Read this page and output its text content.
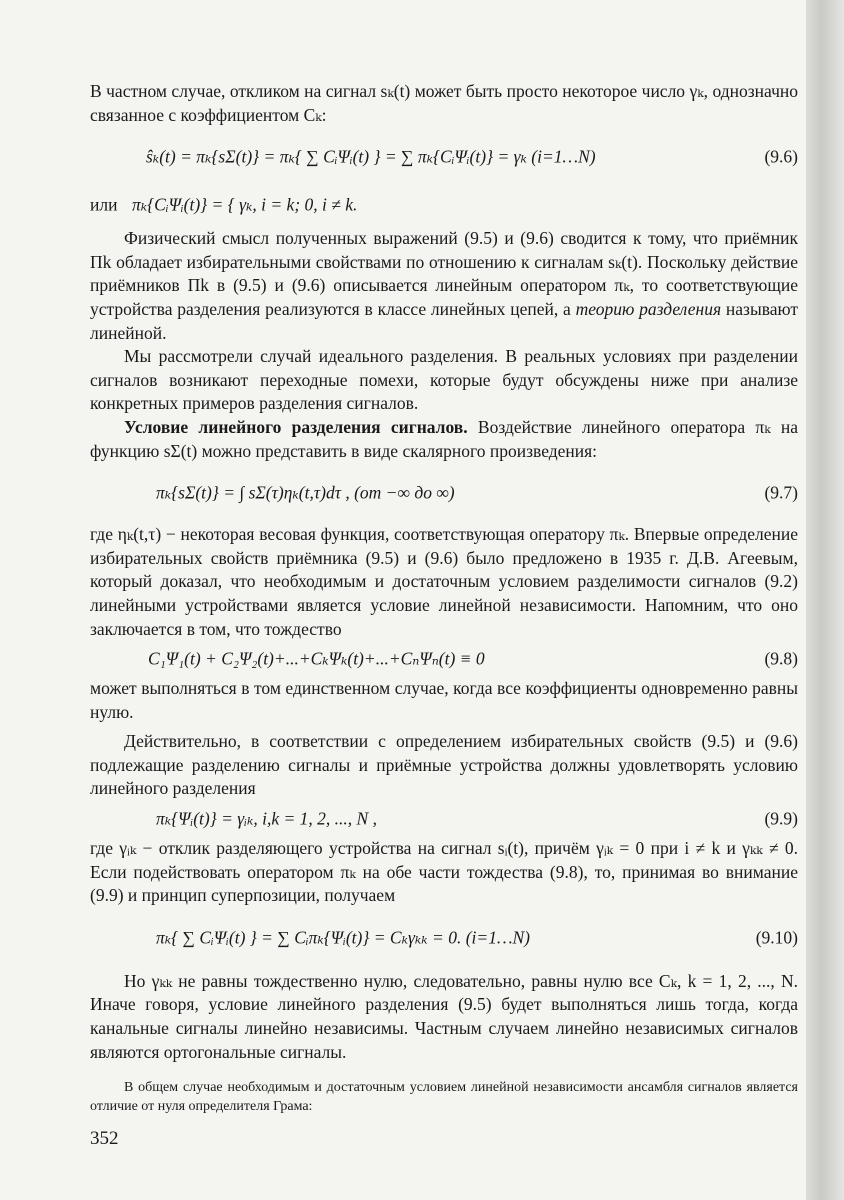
В частном случае, откликом на сигнал sₖ(t) может быть просто некоторое число γₖ, однозначно связанное с коэффициентом Cₖ:

ŝₖ(t) = πₖ{sΣ(t)} = πₖ{ ∑ CᵢΨᵢ(t) } = ∑ πₖ{CᵢΨᵢ(t)} = γₖ (i=1…N)	(9.6)
или πₖ{CᵢΨᵢ(t)} = { γₖ, i = k; 0, i ≠ k.

Физический смысл полученных выражений (9.5) и (9.6) сводится к тому, что приёмник Пk обладает избирательными свойствами по отношению к сигналам sₖ(t). Поскольку действие приёмников Пk в (9.5) и (9.6) описывается линейным оператором πₖ, то соответствующие устройства разделения реализуются в классе линейных цепей, а теорию разделения называют линейной.

Мы рассмотрели случай идеального разделения. В реальных условиях при разделении сигналов возникают переходные помехи, которые будут обсуждены ниже при анализе конкретных примеров разделения сигналов.

Условие линейного разделения сигналов. Воздействие линейного оператора πₖ на функцию sΣ(t) можно представить в виде скалярного произведения:

πₖ{sΣ(t)} = ∫ sΣ(τ)ηₖ(t,τ)dτ , (от −∞ до ∞)	(9.7)

где ηₖ(t,τ) − некоторая весовая функция, соответствующая оператору πₖ. Впервые определение избирательных свойств приёмника (9.5) и (9.6) было предложено в 1935 г. Д.В. Агеевым, который доказал, что необходимым и достаточным условием разделимости сигналов (9.2) линейными устройствами является условие линейной независимости. Напомним, что оно заключается в том, что тождество

C₁Ψ₁(t) + C₂Ψ₂(t)+...+CₖΨₖ(t)+...+CₙΨₙ(t) ≡ 0	(9.8)

может выполняться в том единственном случае, когда все коэффициенты одновременно равны нулю.

Действительно, в соответствии с определением избирательных свойств (9.5) и (9.6) подлежащие разделению сигналы и приёмные устройства должны удовлетворять условию линейного разделения

πₖ{Ψᵢ(t)} = γᵢₖ, i,k = 1, 2, ..., N ,	(9.9)

где γᵢₖ − отклик разделяющего устройства на сигнал sᵢ(t), причём γᵢₖ = 0 при i ≠ k и γₖₖ ≠ 0. Если подействовать оператором πₖ на обе части тождества (9.8), то, принимая во внимание (9.9) и принцип суперпозиции, получаем

πₖ{ ∑ CᵢΨᵢ(t) } = ∑ Cᵢπₖ{Ψᵢ(t)} = Cₖγₖₖ = 0. (i=1…N)	(9.10)

Но γₖₖ не равны тождественно нулю, следовательно, равны нулю все Cₖ, k = 1, 2, ..., N. Иначе говоря, условие линейного разделения (9.5) будет выполняться лишь тогда, когда канальные сигналы линейно независимы. Частным случаем линейно независимых сигналов являются ортогональные сигналы.

В общем случае необходимым и достаточным условием линейной независимости ансамбля сигналов является отличие от нуля определителя Грама:

352
